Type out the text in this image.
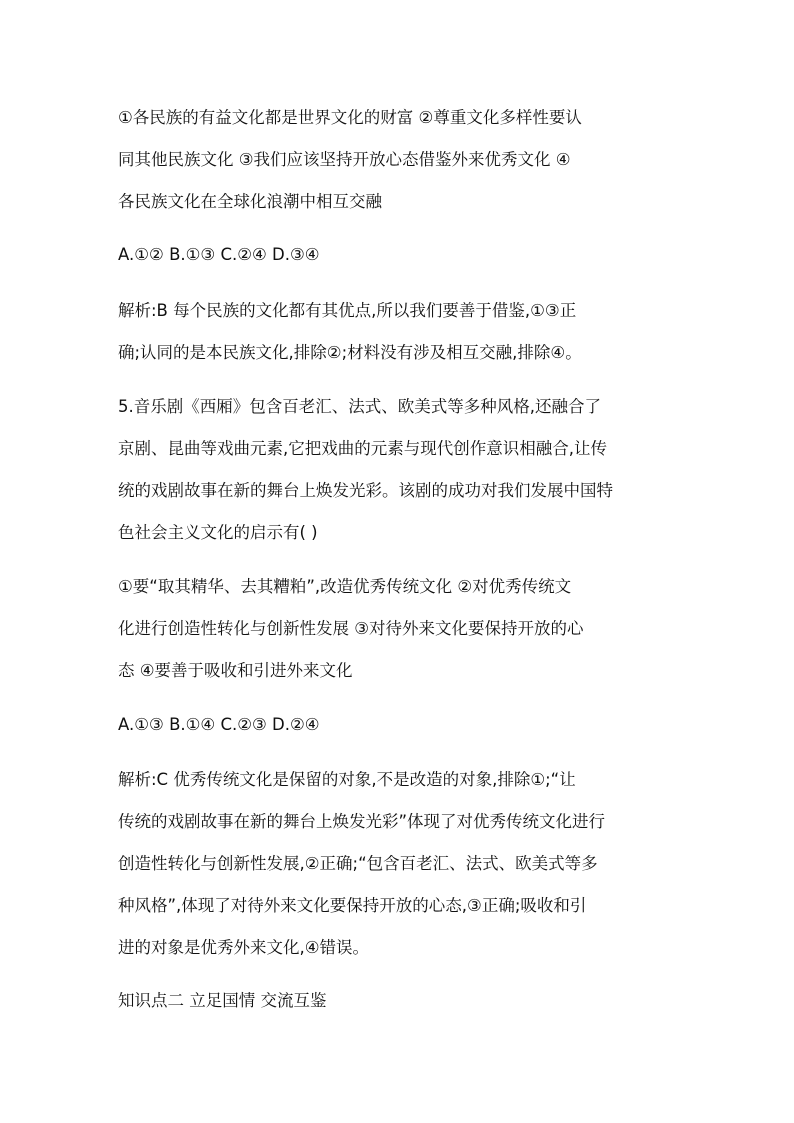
①各民族的有益文化都是世界文化的财富 ②尊重文化多样性要认
同其他民族文化 ③我们应该坚持开放心态借鉴外来优秀文化 ④
各民族文化在全球化浪潮中相互交融
A.①② B.①③ C.②④ D.③④
解析:B 每个民族的文化都有其优点,所以我们要善于借鉴,①③正
确;认同的是本民族文化,排除②;材料没有涉及相互交融,排除④。
5.音乐剧《西厢》包含百老汇、法式、欧美式等多种风格,还融合了
京剧、昆曲等戏曲元素,它把戏曲的元素与现代创作意识相融合,让传
统的戏剧故事在新的舞台上焕发光彩。该剧的成功对我们发展中国特
色社会主义文化的启示有( )
①要“取其精华、去其糟粕”,改造优秀传统文化 ②对优秀传统文
化进行创造性转化与创新性发展 ③对待外来文化要保持开放的心
态 ④要善于吸收和引进外来文化
A.①③ B.①④ C.②③ D.②④
解析:C 优秀传统文化是保留的对象,不是改造的对象,排除①;“让
传统的戏剧故事在新的舞台上焕发光彩”体现了对优秀传统文化进行
创造性转化与创新性发展,②正确;“包含百老汇、法式、欧美式等多
种风格”,体现了对待外来文化要保持开放的心态,③正确;吸收和引
进的对象是优秀外来文化,④错误。
知识点二 立足国情 交流互鉴
